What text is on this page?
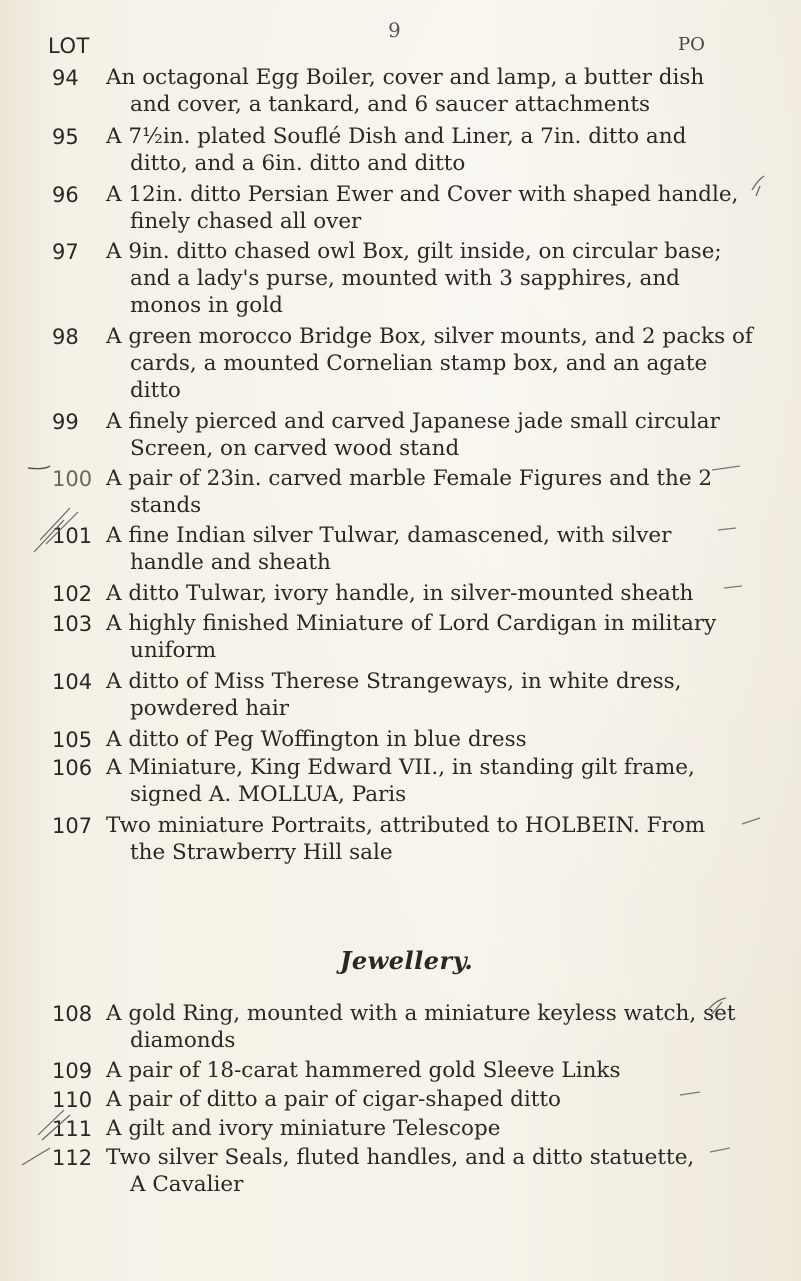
9
LOT	PO
94	An octagonal Egg Boiler, cover and lamp, a butter dish
and cover, a tankard, and 6 saucer attachments
95	A 7½in. plated Souflé Dish and Liner, a 7in. ditto and
ditto, and a 6in. ditto and ditto
96	A 12in. ditto Persian Ewer and Cover with shaped handle,
finely chased all over
97	A 9in. ditto chased owl Box, gilt inside, on circular base;
and a lady's purse, mounted with 3 sapphires, and
monos in gold
98	A green morocco Bridge Box, silver mounts, and 2 packs of
cards, a mounted Cornelian stamp box, and an agate
ditto
99	A finely pierced and carved Japanese jade small circular
Screen, on carved wood stand
100 A pair of 23in. carved marble Female Figures and the 2
stands
101 A fine Indian silver Tulwar, damascened, with silver
handle and sheath
102 A ditto Tulwar, ivory handle, in silver-mounted sheath
103 A highly finished Miniature of Lord Cardigan in military
uniform
104 A ditto of Miss Therese Strangeways, in white dress,
powdered hair
105 A ditto of Peg Woffington in blue dress
106 A Miniature, King Edward VII., in standing gilt frame,
signed A. MOLLUA, Paris
107 Two miniature Portraits, attributed to HOLBEIN. From
the Strawberry Hill sale
Jewellery.
108 A gold Ring, mounted with a miniature keyless watch, set
diamonds
109 A pair of 18-carat hammered gold Sleeve Links
110 A pair of ditto a pair of cigar-shaped ditto
111 A gilt and ivory miniature Telescope
112 Two silver Seals, fluted handles, and a ditto statuette,
A Cavalier
